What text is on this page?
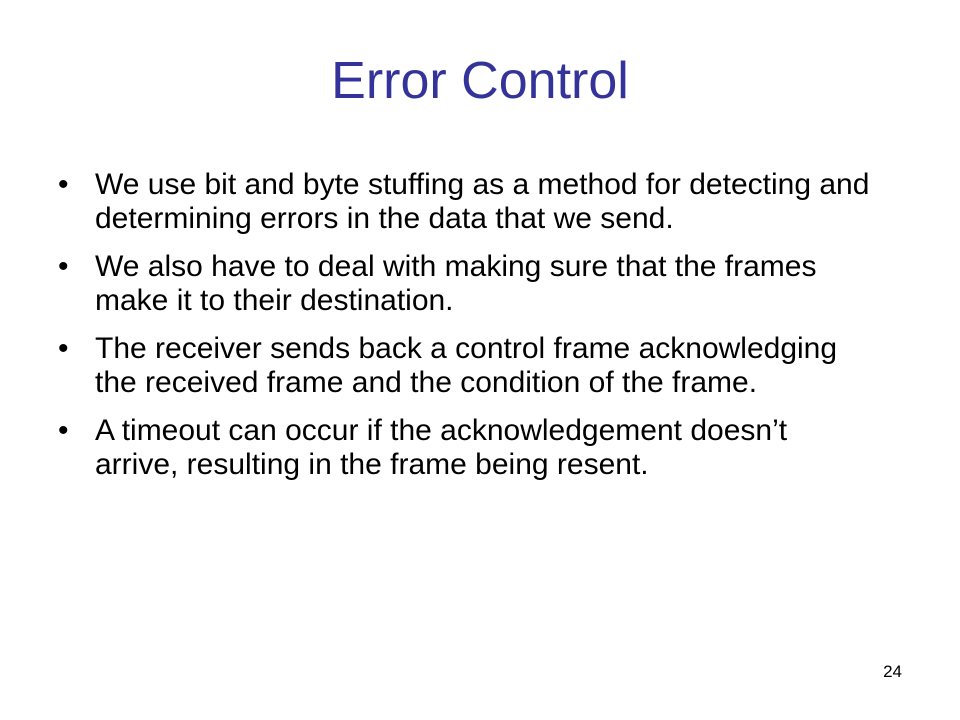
Error Control
• We use bit and byte stuffing as a method for detecting and determining errors in the data that we send.
• We also have to deal with making sure that the frames make it to their destination.
• The receiver sends back a control frame acknowledging the received frame and the condition of the frame.
• A timeout can occur if the acknowledgement doesn’t arrive, resulting in the frame being resent.
24
